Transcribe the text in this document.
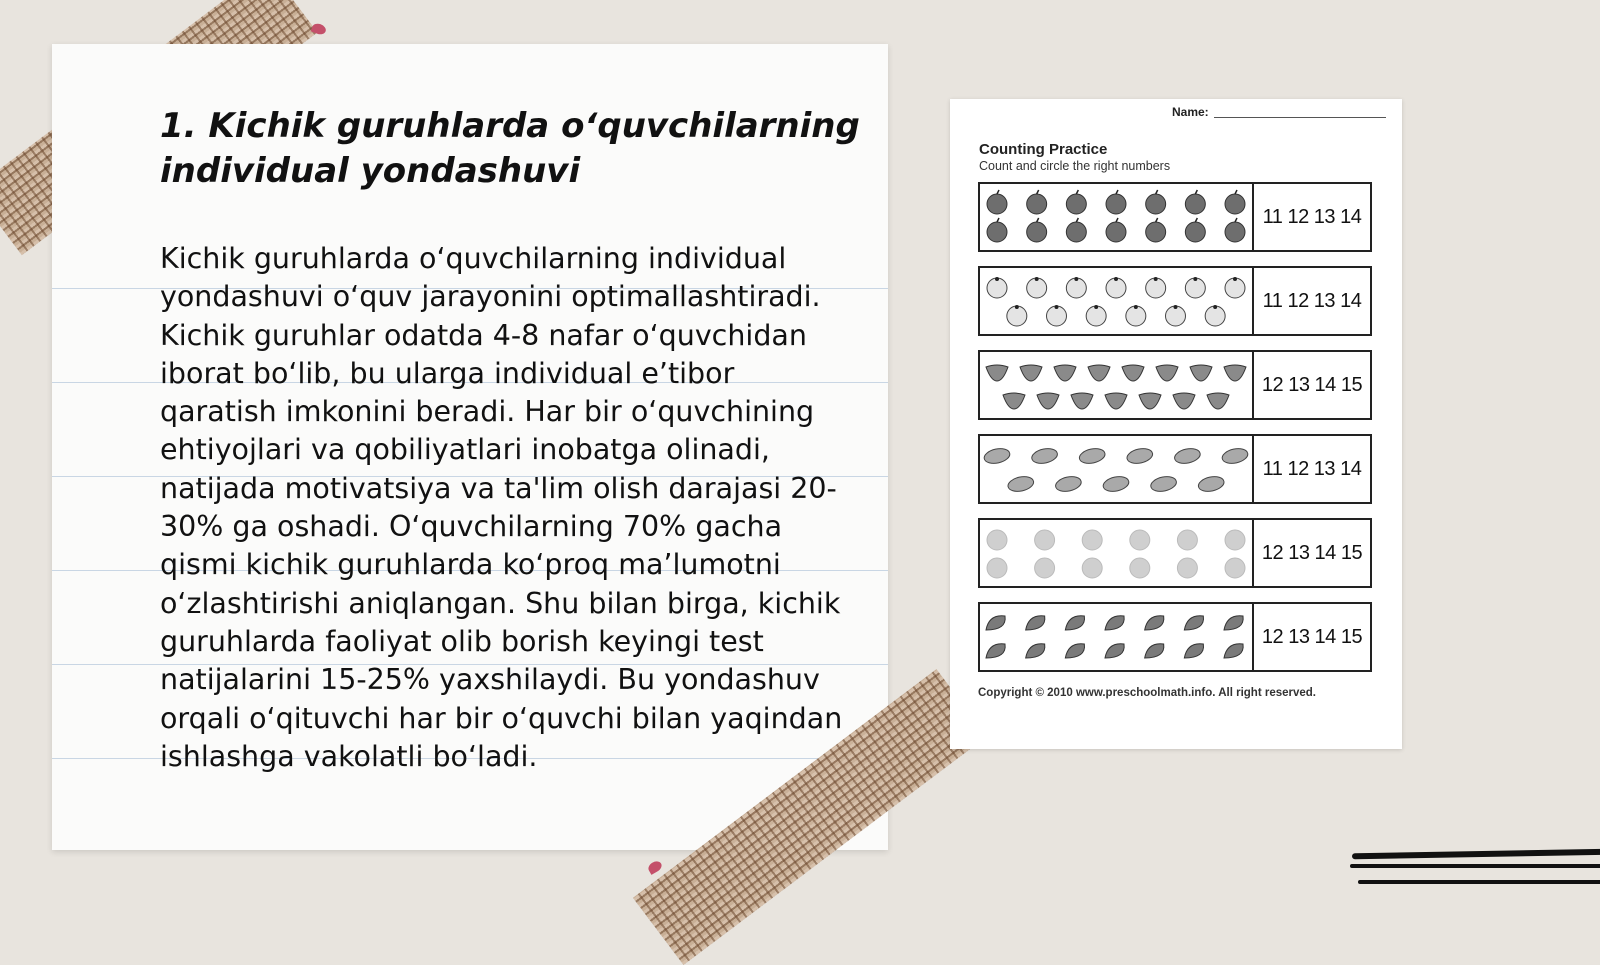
1. Kichik guruhlarda o‘quvchilarning individual yondashuvi

Kichik guruhlarda o‘quvchilarning individual yondashuvi o‘quv jarayonini optimallashtiradi. Kichik guruhlar odatda 4-8 nafar o‘quvchidan iborat bo‘lib, bu ularga individual e’tibor qaratish imkonini beradi. Har bir o‘quvchining ehtiyojlari va qobiliyatlari inobatga olinadi, natijada motivatsiya va ta'lim olish darajasi 20-30% ga oshadi. O‘quvchilarning 70% gacha qismi kichik guruhlarda ko‘proq ma’lumotni o‘zlashtirishi aniqlangan. Shu bilan birga, kichik guruhlarda faoliyat olib borish keyingi test natijalarini 15-25% yaxshilaydi. Bu yondashuv orqali o‘qituvchi har bir o‘quvchi bilan yaqindan ishlashga vakolatli bo‘ladi.

Name:
Counting Practice
Count and circle the right numbers
11 12 13 14
11 12 13 14
12 13 14 15
11 12 13 14
12 13 14 15
12 13 14 15
Copyright © 2010 www.preschoolmath.info. All right reserved.
